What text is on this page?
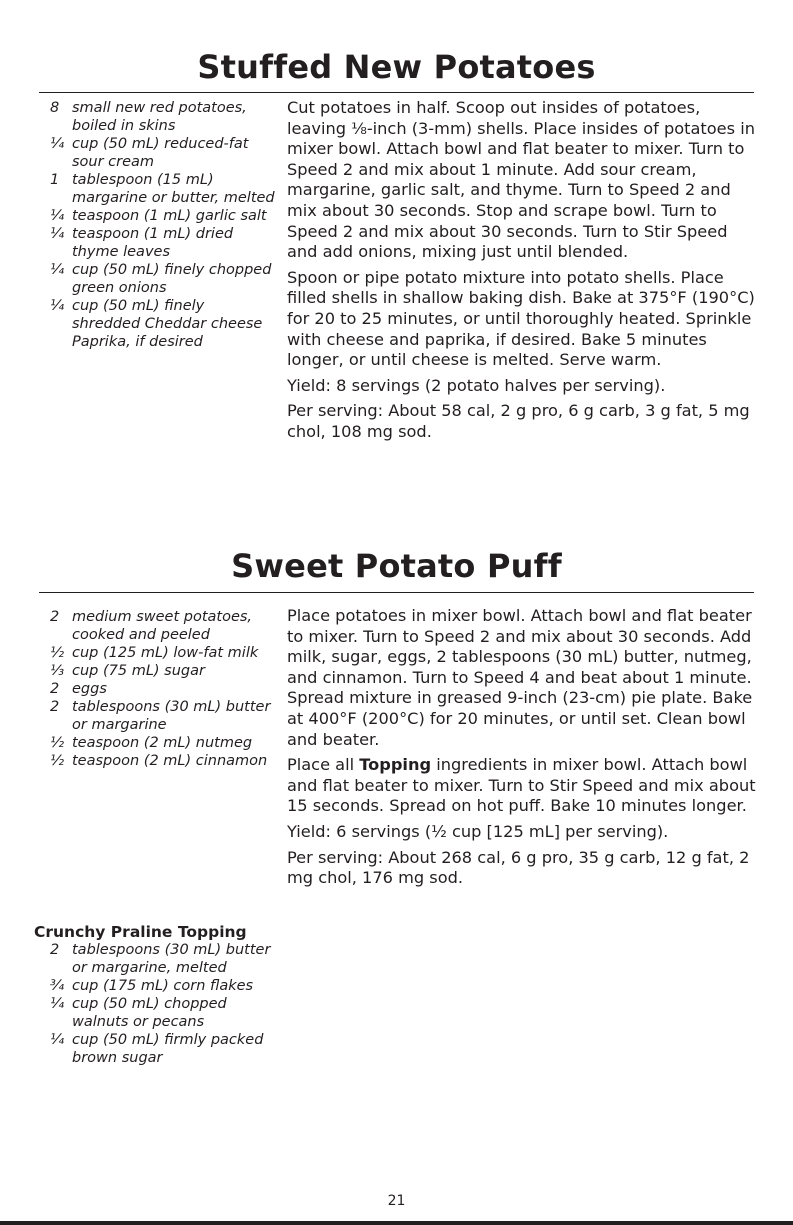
Stuffed New Potatoes
8 small new red potatoes, boiled in skins
¼ cup (50 mL) reduced-fat sour cream
1 tablespoon (15 mL) margarine or butter, melted
¼ teaspoon (1 mL) garlic salt
¼ teaspoon (1 mL) dried thyme leaves
¼ cup (50 mL) finely chopped green onions
¼ cup (50 mL) finely shredded Cheddar cheese
Paprika, if desired

Cut potatoes in half. Scoop out insides of potatoes, leaving ⅛-inch (3-mm) shells. Place insides of potatoes in mixer bowl. Attach bowl and flat beater to mixer. Turn to Speed 2 and mix about 1 minute. Add sour cream, margarine, garlic salt, and thyme. Turn to Speed 2 and mix about 30 seconds. Stop and scrape bowl. Turn to Speed 2 and mix about 30 seconds. Turn to Stir Speed and add onions, mixing just until blended.

Spoon or pipe potato mixture into potato shells. Place filled shells in shallow baking dish. Bake at 375°F (190°C) for 20 to 25 minutes, or until thoroughly heated. Sprinkle with cheese and paprika, if desired. Bake 5 minutes longer, or until cheese is melted. Serve warm.

Yield: 8 servings (2 potato halves per serving).

Per serving: About 58 cal, 2 g pro, 6 g carb, 3 g fat, 5 mg chol, 108 mg sod.

Sweet Potato Puff
2 medium sweet potatoes, cooked and peeled
½ cup (125 mL) low-fat milk
⅓ cup (75 mL) sugar
2 eggs
2 tablespoons (30 mL) butter or margarine
½ teaspoon (2 mL) nutmeg
½ teaspoon (2 mL) cinnamon
Crunchy Praline Topping
2 tablespoons (30 mL) butter or margarine, melted
¾ cup (175 mL) corn flakes
¼ cup (50 mL) chopped walnuts or pecans
¼ cup (50 mL) firmly packed brown sugar

Place potatoes in mixer bowl. Attach bowl and flat beater to mixer. Turn to Speed 2 and mix about 30 seconds. Add milk, sugar, eggs, 2 tablespoons (30 mL) butter, nutmeg, and cinnamon. Turn to Speed 4 and beat about 1 minute. Spread mixture in greased 9-inch (23-cm) pie plate. Bake at 400°F (200°C) for 20 minutes, or until set. Clean bowl and beater.

Place all Topping ingredients in mixer bowl. Attach bowl and flat beater to mixer. Turn to Stir Speed and mix about 15 seconds. Spread on hot puff. Bake 10 minutes longer.

Yield: 6 servings (½ cup [125 mL] per serving).

Per serving: About 268 cal, 6 g pro, 35 g carb, 12 g fat, 2 mg chol, 176 mg sod.

21
